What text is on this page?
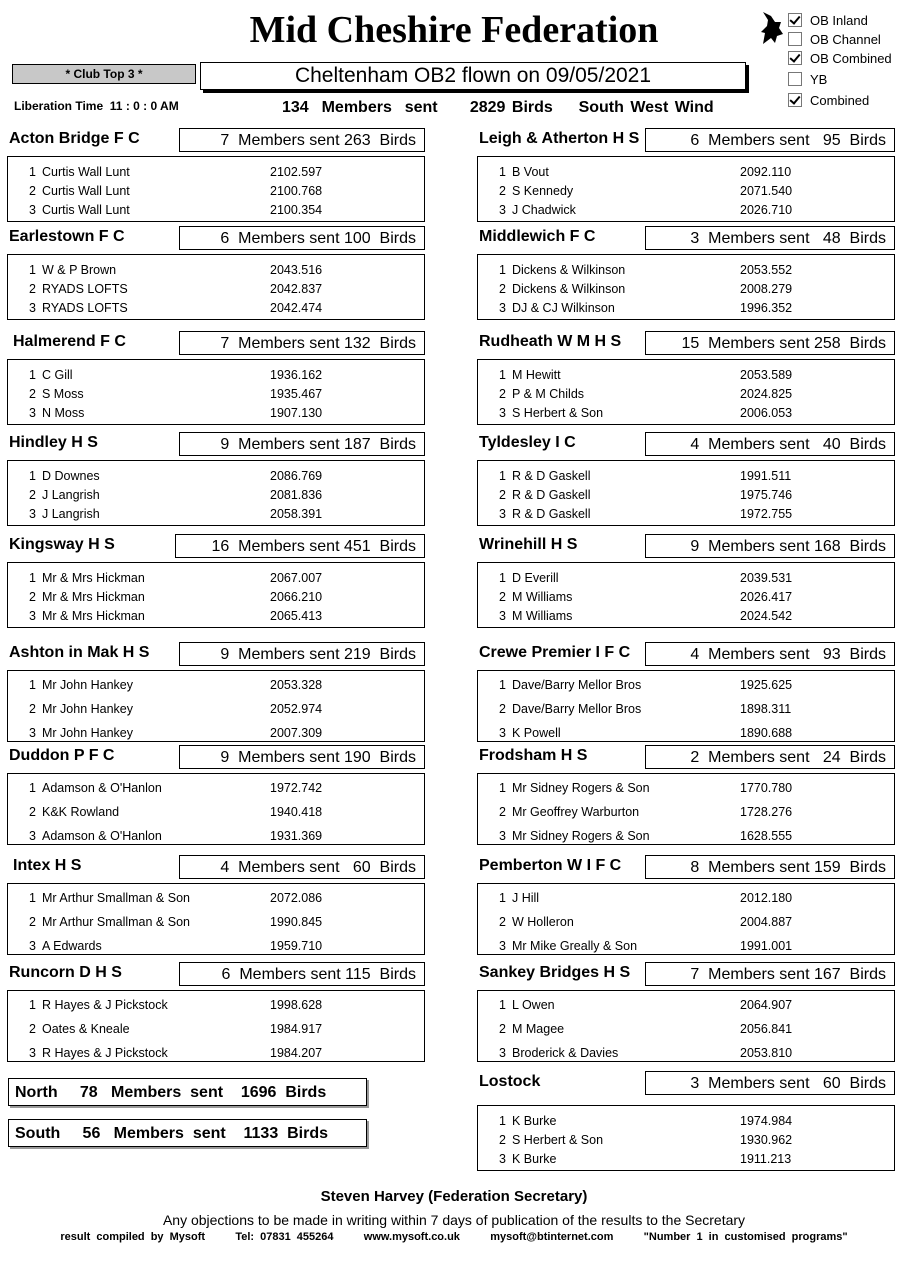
Mid Cheshire Federation	OB Inland
OB Channel
OB Combined
YB
Combined
* Club Top 3 *	Cheltenham OB2 flown on 09/05/2021
Liberation Time  11 : 0 : 0 AM	134  Members  sent     2829 Birds    South West Wind
Acton Bridge F C	7  Members sent 263  Birds
1 Curtis Wall Lunt	2102.597
2 Curtis Wall Lunt	2100.768
3 Curtis Wall Lunt	2100.354
Earlestown F C	6  Members sent 100  Birds
1 W & P Brown	2043.516
2 RYADS LOFTS	2042.837
3 RYADS LOFTS	2042.474
Halmerend F C	7  Members sent 132  Birds
1 C Gill	1936.162
2 S Moss	1935.467
3 N Moss	1907.130
Hindley H S	9  Members sent 187  Birds
1 D Downes	2086.769
2 J Langrish	2081.836
3 J Langrish	2058.391
Kingsway H S	16  Members sent 451  Birds
1 Mr & Mrs Hickman	2067.007
2 Mr & Mrs Hickman	2066.210
3 Mr & Mrs Hickman	2065.413
Ashton in Mak H S	9  Members sent 219  Birds
1 Mr John Hankey	2053.328
2 Mr John Hankey	2052.974
3 Mr John Hankey	2007.309
Duddon P F C	9  Members sent 190  Birds
1 Adamson & O'Hanlon	1972.742
2 K&K Rowland	1940.418
3 Adamson & O'Hanlon	1931.369
Intex H S	4  Members sent   60  Birds
1 Mr Arthur Smallman & Son	2072.086
2 Mr Arthur Smallman & Son	1990.845
3 A Edwards	1959.710
Runcorn D H S	6  Members sent 115  Birds
1 R Hayes & J Pickstock	1998.628
2 Oates & Kneale	1984.917
3 R Hayes & J Pickstock	1984.207
Leigh & Atherton H S	6  Members sent   95  Birds
1 B Vout	2092.110
2 S Kennedy	2071.540
3 J Chadwick	2026.710
Middlewich F C	3  Members sent   48  Birds
1 Dickens & Wilkinson	2053.552
2 Dickens & Wilkinson	2008.279
3 DJ & CJ Wilkinson	1996.352
Rudheath W M H S	15  Members sent 258  Birds
1 M Hewitt	2053.589
2 P & M Childs	2024.825
3 S Herbert & Son	2006.053
Tyldesley I C	4  Members sent   40  Birds
1 R & D Gaskell	1991.511
2 R & D Gaskell	1975.746
3 R & D Gaskell	1972.755
Wrinehill H S	9  Members sent 168  Birds
1 D Everill	2039.531
2 M Williams	2026.417
3 M Williams	2024.542
Crewe Premier I F C	4  Members sent   93  Birds
1 Dave/Barry Mellor Bros	1925.625
2 Dave/Barry Mellor Bros	1898.311
3 K Powell	1890.688
Frodsham H S	2  Members sent   24  Birds
1 Mr Sidney Rogers & Son	1770.780
2 Mr Geoffrey Warburton	1728.276
3 Mr Sidney Rogers & Son	1628.555
Pemberton W I F C	8  Members sent 159  Birds
1 J Hill	2012.180
2 W Holleron	2004.887
3 Mr Mike Greally & Son	1991.001
Sankey Bridges H S	7  Members sent 167  Birds
1 L Owen	2064.907
2 M Magee	2056.841
3 Broderick & Davies	2053.810
Lostock	3  Members sent   60  Birds
1 K Burke	1974.984
2 S Herbert & Son	1930.962
3 K Burke	1911.213
North     78   Members  sent    1696  Birds
South     56   Members  sent    1133  Birds
Steven Harvey (Federation Secretary)
Any objections to be made in writing within 7 days of publication of the results to the Secretary
result compiled by Mysoft     Tel: 07831 455264     www.mysoft.co.uk     mysoft@btinternet.com     "Number 1 in customised programs"
